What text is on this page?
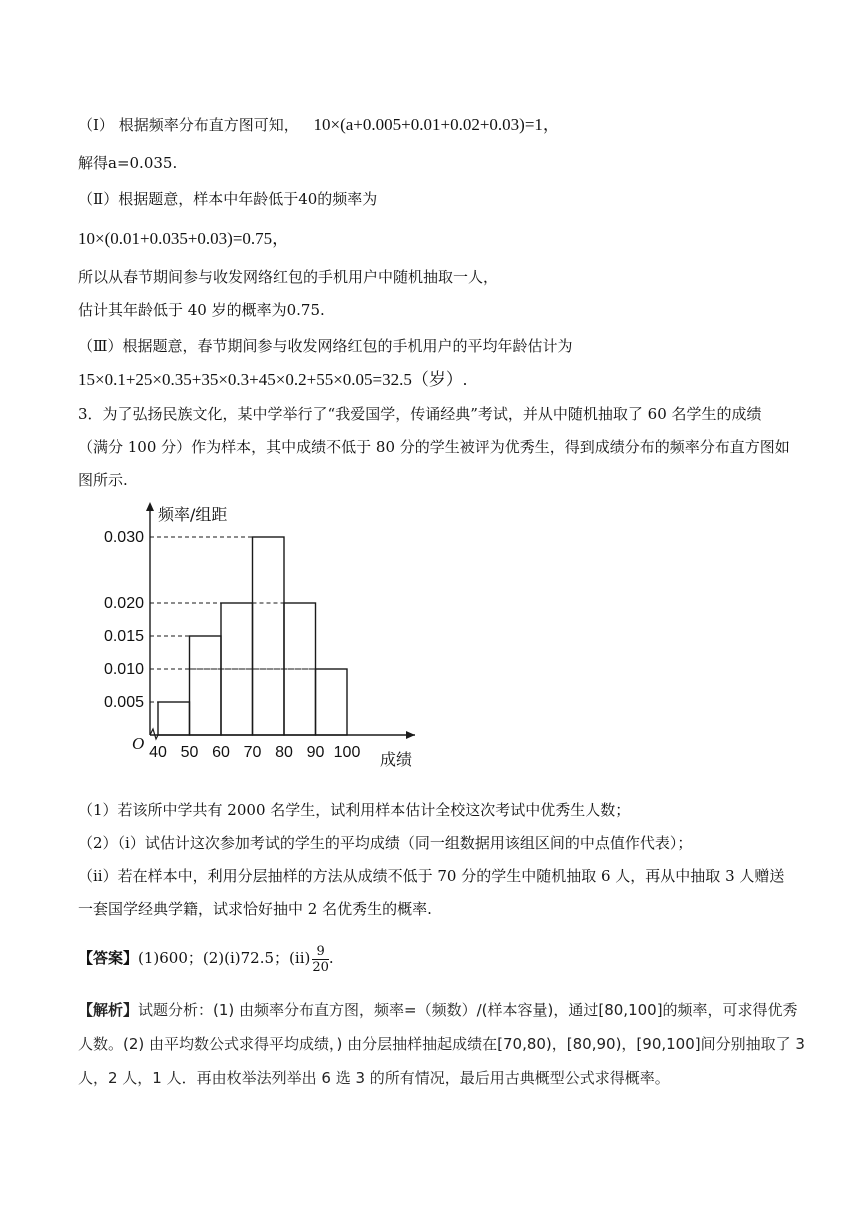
（Ⅰ） 根据频率分布直方图可知， 10×(a+0.005+0.01+0.02+0.03)=1，
解得a=0.035.
（Ⅱ）根据题意，样本中年龄低于40的频率为
10×(0.01+0.035+0.03)=0.75，
所以从春节期间参与收发网络红包的手机用户中随机抽取一人，
估计其年龄低于 40 岁的概率为0.75.
（Ⅲ）根据题意，春节期间参与收发网络红包的手机用户的平均年龄估计为
15×0.1+25×0.35+35×0.3+45×0.2+55×0.05=32.5（岁）.
3．为了弘扬民族文化，某中学举行了“我爱国学，传诵经典”考试，并从中随机抽取了 60 名学生的成绩
（满分 100 分）作为样本，其中成绩不低于 80 分的学生被评为优秀生，得到成绩分布的频率分布直方图如
图所示.
0.005
0.010
0.015
0.020
0.030
40 50 60 70 80 90 100
O
频率/组距
成绩
（1）若该所中学共有 2000 名学生，试利用样本估计全校这次考试中优秀生人数；
（2）（i）试估计这次参加考试的学生的平均成绩（同一组数据用该组区间的中点值作代表）；
（ii）若在样本中，利用分层抽样的方法从成绩不低于 70 分的学生中随机抽取 6 人，再从中抽取 3 人赠送
一套国学经典学籍，试求恰好抽中 2 名优秀生的概率.
【答案】(1)600；(2)(i)72.5；$(ii) \frac{9}{20}$ .
【解析】试题分析：(1) 由频率分布直方图，频率=（频数）/(样本容量)，通过[80,100]的频率，可求得优秀
人数。(2) 由平均数公式求得平均成绩，) 由分层抽样抽起成绩在[70,80)，[80,90)，[90,100]间分别抽取了 3
人，2 人，1 人．再由枚举法列举出 6 选 3 的所有情况，最后用古典概型公式求得概率。
